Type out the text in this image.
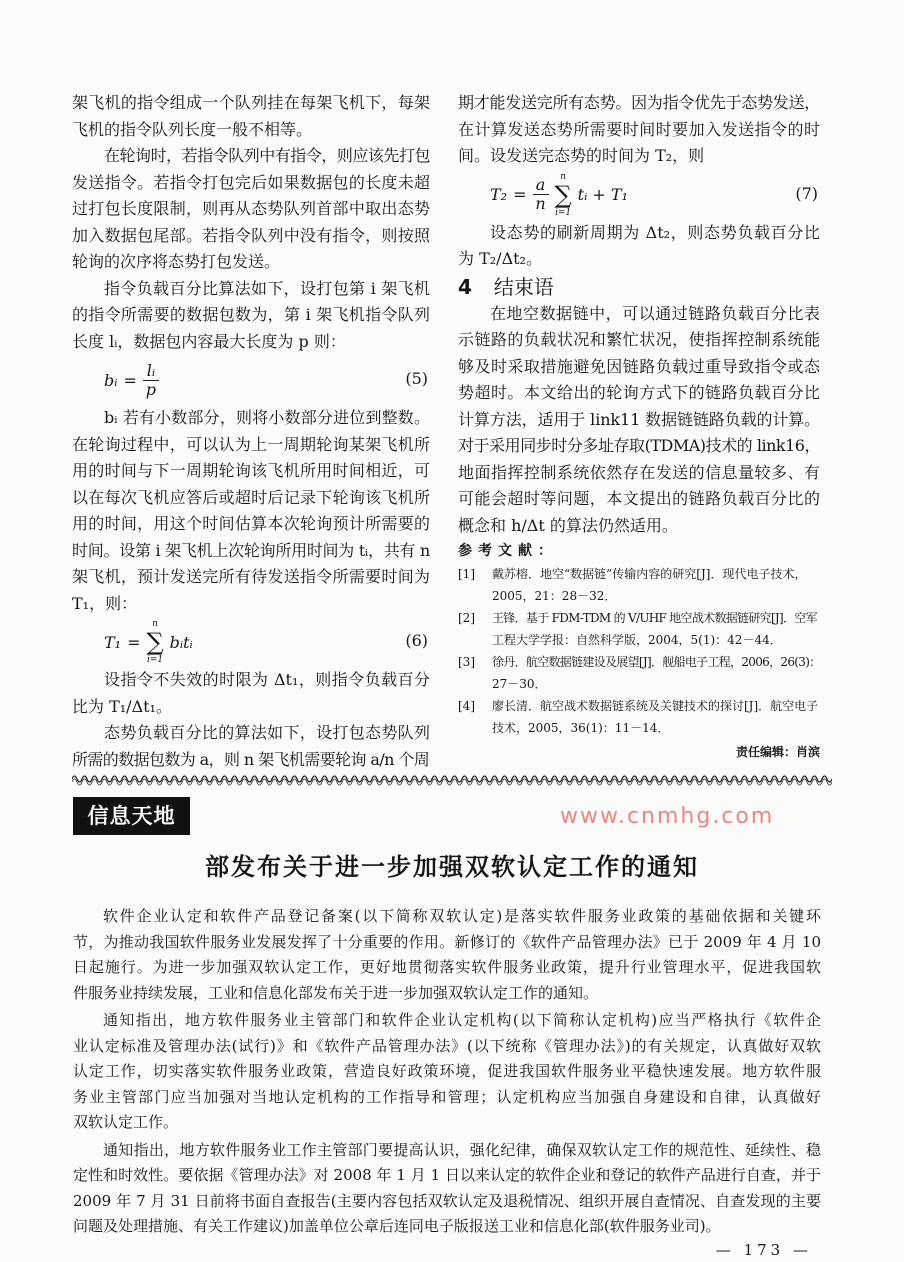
架飞机的指令组成一个队列挂在每架飞机下，每架
飞机的指令队列长度一般不相等。
在轮询时，若指令队列中有指令，则应该先打包
发送指令。若指令打包完后如果数据包的长度未超
过打包长度限制，则再从态势队列首部中取出态势
加入数据包尾部。若指令队列中没有指令，则按照
轮询的次序将态势打包发送。
指令负载百分比算法如下，设打包第 i 架飞机
的指令所需要的数据包数为，第 i 架飞机指令队列
长度 lᵢ，数据包内容最大长度为 p 则：
bᵢ = $\frac{\text{lᵢ}}{p}$	(5)
bᵢ 若有小数部分，则将小数部分进位到整数。
在轮询过程中，可以认为上一周期轮询某架飞机所
用的时间与下一周期轮询该飞机所用时间相近，可
以在每次飞机应答后或超时后记录下轮询该飞机所
用的时间，用这个时间估算本次轮询预计所需要的
时间。设第 i 架飞机上次轮询所用时间为 tᵢ，共有 n
架飞机，预计发送完所有待发送指令所需要时间为
T₁，则：
T₁ =
n
∑
i=1
bᵢtᵢ	(6)
设指令不失效的时限为 Δt₁，则指令负载百分
比为 T₁/Δt₁。
态势负载百分比的算法如下，设打包态势队列
所需的数据包数为 a，则 n 架飞机需要轮询 a/n 个周
期才能发送完所有态势。因为指令优先于态势发送，
在计算发送态势所需要时间时要加入发送指令的时
间。设发送完态势的时间为 T₂，则
$T_2 = \frac{a}{n}$ n
∑
i=1
tᵢ + T₁	(7)
设态势的刷新周期为 Δt₂，则态势负载百分比
为 T₂/Δt₂。
4 结束语
在地空数据链中，可以通过链路负载百分比表
示链路的负载状况和繁忙状况，使指挥控制系统能
够及时采取措施避免因链路负载过重导致指令或态
势超时。本文给出的轮询方式下的链路负载百分比
计算方法，适用于 link11 数据链链路负载的计算。
对于采用同步时分多址存取(TDMA)技术的 link16，
地面指挥控制系统依然存在发送的信息量较多、有
可能会超时等问题，本文提出的链路负载百分比的
概念和 h/Δt 的算法仍然适用。
参考文献：
[1] 戴苏榕．地空“数据链”传输内容的研究[J]．现代电子技术，
2005，21：28－32．
[2] 王锋．基于 FDM-TDM 的 V/UHF 地空战术数据链研究[J]．空军
工程大学学报：自然科学版，2004，5(1)：42－44．
[3] 徐丹．航空数据链建设及展望[J]．舰船电子工程，2006，26(3)：
27－30．
[4] 廖长清．航空战术数据链系统及关键技术的探讨[J]．航空电子
技术，2005，36(1)：11－14．
责任编辑：肖滨
信息天地	www.cnmhg.com
部发布关于进一步加强双软认定工作的通知
软件企业认定和软件产品登记备案(以下简称双软认定)是落实软件服务业政策的基础依据和关键环
节，为推动我国软件服务业发展发挥了十分重要的作用。新修订的《软件产品管理办法》已于 2009 年 4 月 10
日起施行。为进一步加强双软认定工作，更好地贯彻落实软件服务业政策，提升行业管理水平，促进我国软
件服务业持续发展，工业和信息化部发布关于进一步加强双软认定工作的通知。
通知指出，地方软件服务业主管部门和软件企业认定机构(以下简称认定机构)应当严格执行《软件企
业认定标准及管理办法(试行)》和《软件产品管理办法》(以下统称《管理办法》)的有关规定，认真做好双软
认定工作，切实落实软件服务业政策，营造良好政策环境，促进我国软件服务业平稳快速发展。地方软件服
务业主管部门应当加强对当地认定机构的工作指导和管理；认定机构应当加强自身建设和自律，认真做好
双软认定工作。
通知指出，地方软件服务业工作主管部门要提高认识，强化纪律，确保双软认定工作的规范性、延续性、稳
定性和时效性。要依据《管理办法》对 2008 年 1 月 1 日以来认定的软件企业和登记的软件产品进行自查，并于
2009 年 7 月 31 日前将书面自查报告(主要内容包括双软认定及退税情况、组织开展自查情况、自查发现的主要
问题及处理措施、有关工作建议)加盖单位公章后连同电子版报送工业和信息化部(软件服务业司)。
— 173 —
